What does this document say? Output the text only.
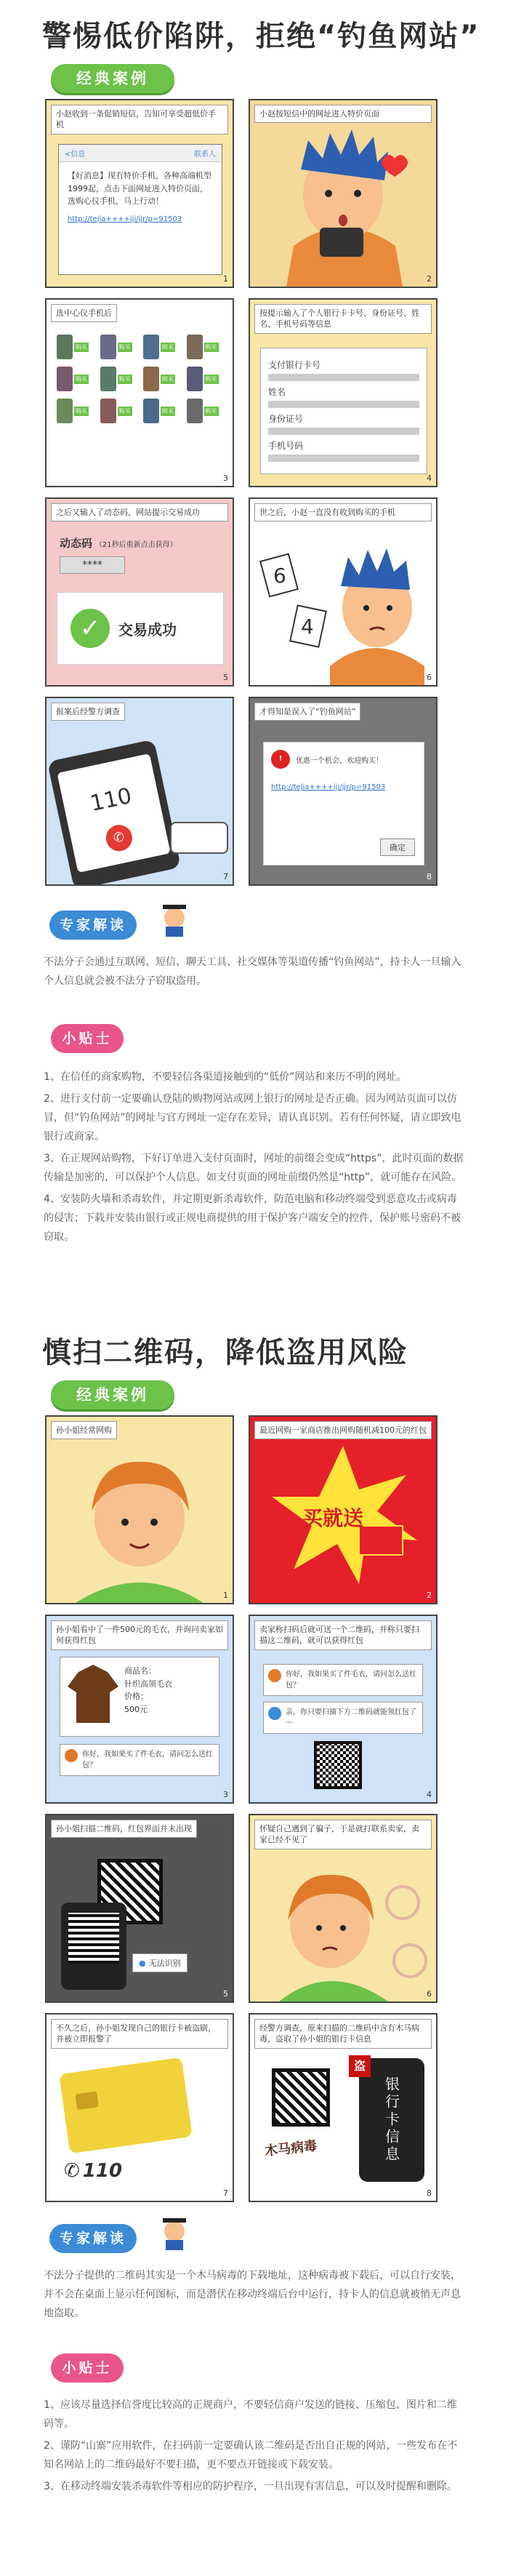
警惕低价陷阱，拒绝“钓鱼网站”
经典案例
小赵收到一条促销短信，告知可享受超低价手机
<信息	联系人
【好消息】现有特价手机，各种高端机型1999起，点击下面网址进入特价页面，选购心仪手机，马上行动！
http://tejia++++iji/jjr/p=91503
1
小赵按短信中的网址进入特价页面
2
选中心仪手机后
购买	购买	购买	购买
购买	购买	购买	购买
购买	购买	购买	购买
3
按提示输入了个人银行卡卡号、身份证号、姓名、手机号码等信息
支付银行卡号
姓名
身份证号
手机号码
4
之后又输入了动态码，网站提示交易成功
动态码 （21秒后重新点击获得）
****
✓	交易成功
5
世之后，小赵一直没有收到购买的手机
6
4
6
报案后经警方调查
110
✆
7
才得知是误入了“钓鱼网站”
!	优惠一个机会，欢迎购买！
http://tejia++++iji/jjr/p=91503
确定
8
专家解读
不法分子会通过互联网、短信、聊天工具、社交媒体等渠道传播“钓鱼网站”，持卡人一旦输入个人信息就会被不法分子窃取盗用。
小贴士
1、在信任的商家购物，不要轻信各渠道接触到的“低价”网站和来历不明的网址。
2、进行支付前一定要确认登陆的购物网站或网上银行的网址是否正确。因为网站页面可以仿冒，但“钓鱼网站”的网址与官方网址一定存在差异，请认真识别。若有任何怀疑，请立即致电银行或商家。
3、在正规网站购物，下好订单进入支付页面时，网址的前缀会变成“https”，此时页面的数据传输是加密的，可以保护个人信息。如支付页面的网址前缀仍然是“http”，就可能存在风险。
4、安装防火墙和杀毒软件，并定期更新杀毒软件，防范电脑和移动终端受到恶意攻击或病毒的侵害；下载并安装由银行或正规电商提供的用于保护客户端安全的控件，保护账号密码不被窃取。
慎扫二维码，降低盗用风险
经典案例
孙小姐经常网购
1
最近网购一家商店推出网购随机减100元的红包
买就送
2
孙小姐看中了一件500元的毛衣，并询问卖家如何获得红包
商品名：
针织高领毛衣
价格：
500元
你好，我如果买了件毛衣，请问怎么送红包？
3
卖家称扫码后就可送一个二维码，并称只要扫描这二维码，就可以获得红包
你好，我如果买了件毛衣，请问怎么送红包？
亲，你只要扫描下方二维码就能领红包了～
4
孙小姐扫描二维码，红包界面并未出现
● 无法识别
5
怀疑自己遇到了骗子，于是就打联系卖家，卖家已经不见了
6
不久之后，孙小姐发现自己的银行卡被盗刷，并被立即报警了
✆ 110
7
经警方调查，原来扫描的二维码中含有木马病毒，盗取了孙小姐的银行卡信息
木马病毒	银行卡信息
盗
8
专家解读
不法分子提供的二维码其实是一个木马病毒的下载地址，这种病毒被下载后，可以自行安装，并不会在桌面上显示任何图标，而是潜伏在移动终端后台中运行，持卡人的信息就被悄无声息地盗取。
小贴士
1、应该尽量选择信誉度比较高的正规商户，不要轻信商户发送的链接、压缩包、图片和二维码等。
2、谨防“山寨”应用软件，在扫码前一定要确认该二维码是否出自正规的网站，一些发布在不知名网站上的二维码最好不要扫描，更不要点开链接或下载安装。
3、在移动终端安装杀毒软件等相应的防护程序，一旦出现有害信息，可以及时提醒和删除。
